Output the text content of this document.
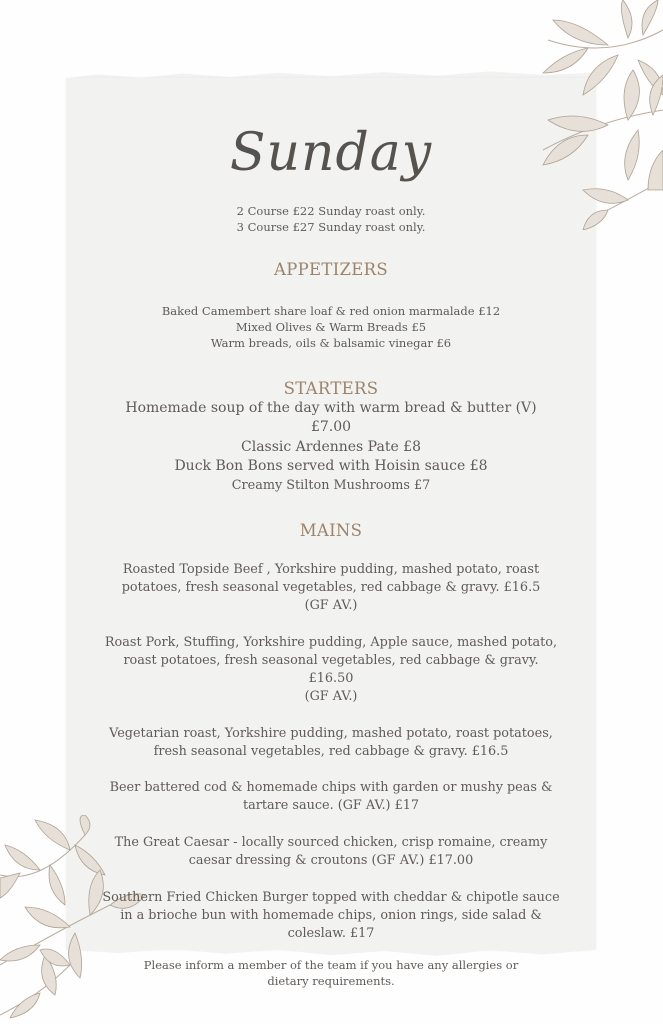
Sunday
2 Course £22 Sunday roast only.
3 Course £27 Sunday roast only.
APPETIZERS
Baked Camembert share loaf & red onion marmalade £12
Mixed Olives & Warm Breads £5
Warm breads, oils & balsamic vinegar £6
STARTERS
Homemade soup of the day with warm bread & butter (V)
£7.00
Classic Ardennes Pate £8
Duck Bon Bons served with Hoisin sauce £8
Creamy Stilton Mushrooms £7
MAINS
Roasted Topside Beef , Yorkshire pudding, mashed potato, roast
potatoes, fresh seasonal vegetables, red cabbage & gravy. £16.5
(GF AV.)
Roast Pork, Stuffing, Yorkshire pudding, Apple sauce, mashed potato,
roast potatoes, fresh seasonal vegetables, red cabbage & gravy.
£16.50
(GF AV.)
Vegetarian roast, Yorkshire pudding, mashed potato, roast potatoes,
fresh seasonal vegetables, red cabbage & gravy. £16.5
Beer battered cod & homemade chips with garden or mushy peas &
tartare sauce. (GF AV.) £17
The Great Caesar - locally sourced chicken, crisp romaine, creamy
caesar dressing & croutons (GF AV.) £17.00
Southern Fried Chicken Burger topped with cheddar & chipotle sauce
in a brioche bun with homemade chips, onion rings, side salad &
coleslaw. £17
Please inform a member of the team if you have any allergies or
dietary requirements.
